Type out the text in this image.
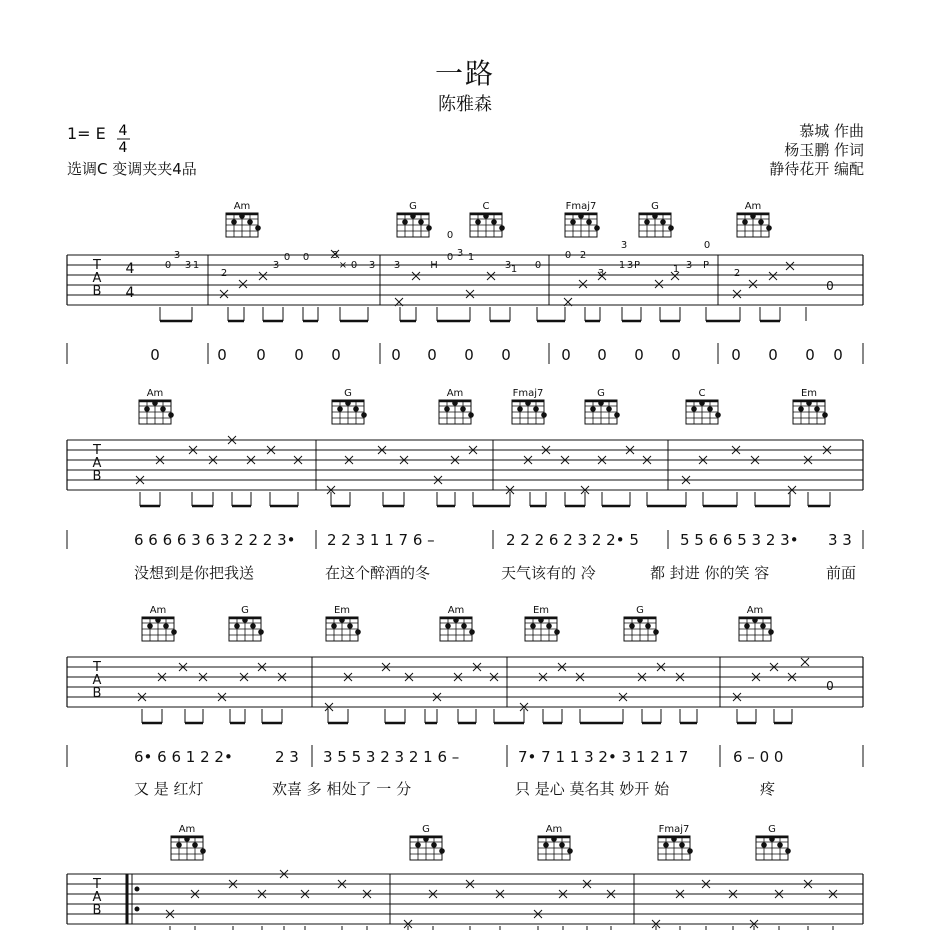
一路
陈雅森
1= E
选调C 变调夹夹4品
慕城 作曲
杨玉鹏 作词
静待花开 编配
4
4
T
A
B
4
4
Am	G	C	Fmaj7	G	Am
0
3
3 1
2
3
0 0 3
× 0 3 3	H
0 3
0
1
1
3 0
0 2
3
1 3 P
3
1 3 P
0
2
0
0	0 0 0 0	0 0 0 0	0 0 0 0	0 0 0 0
T
A
B
Am	G	Am	Fmaj7	G	C	Em
6 6 6 6 3 6 3 2 2 2 3• 2 2 3 1 1 7 6 –	2 2 2 6 2 3 2 2• 5	5 5 6 6 5 3 2 3• 3 3
没想到是你把我送	在这个醉酒的冬	天气该有的 冷	都 封进 你的笑 容	前面
T
A
B
Am	G	Em	Am	Em	G	Am
0
6• 6 6 1 2 2•	2 3 3 5 5 3 2 3 2 1 6 –	7• 7 1 1 3 2• 3 1 2 1 7	6 – 0 0
又 是 红灯	欢喜 多 相处了 一 分	只 是心 莫名其 妙开 始	疼
T
A
B
Am	G	Am	Fmaj7	G
